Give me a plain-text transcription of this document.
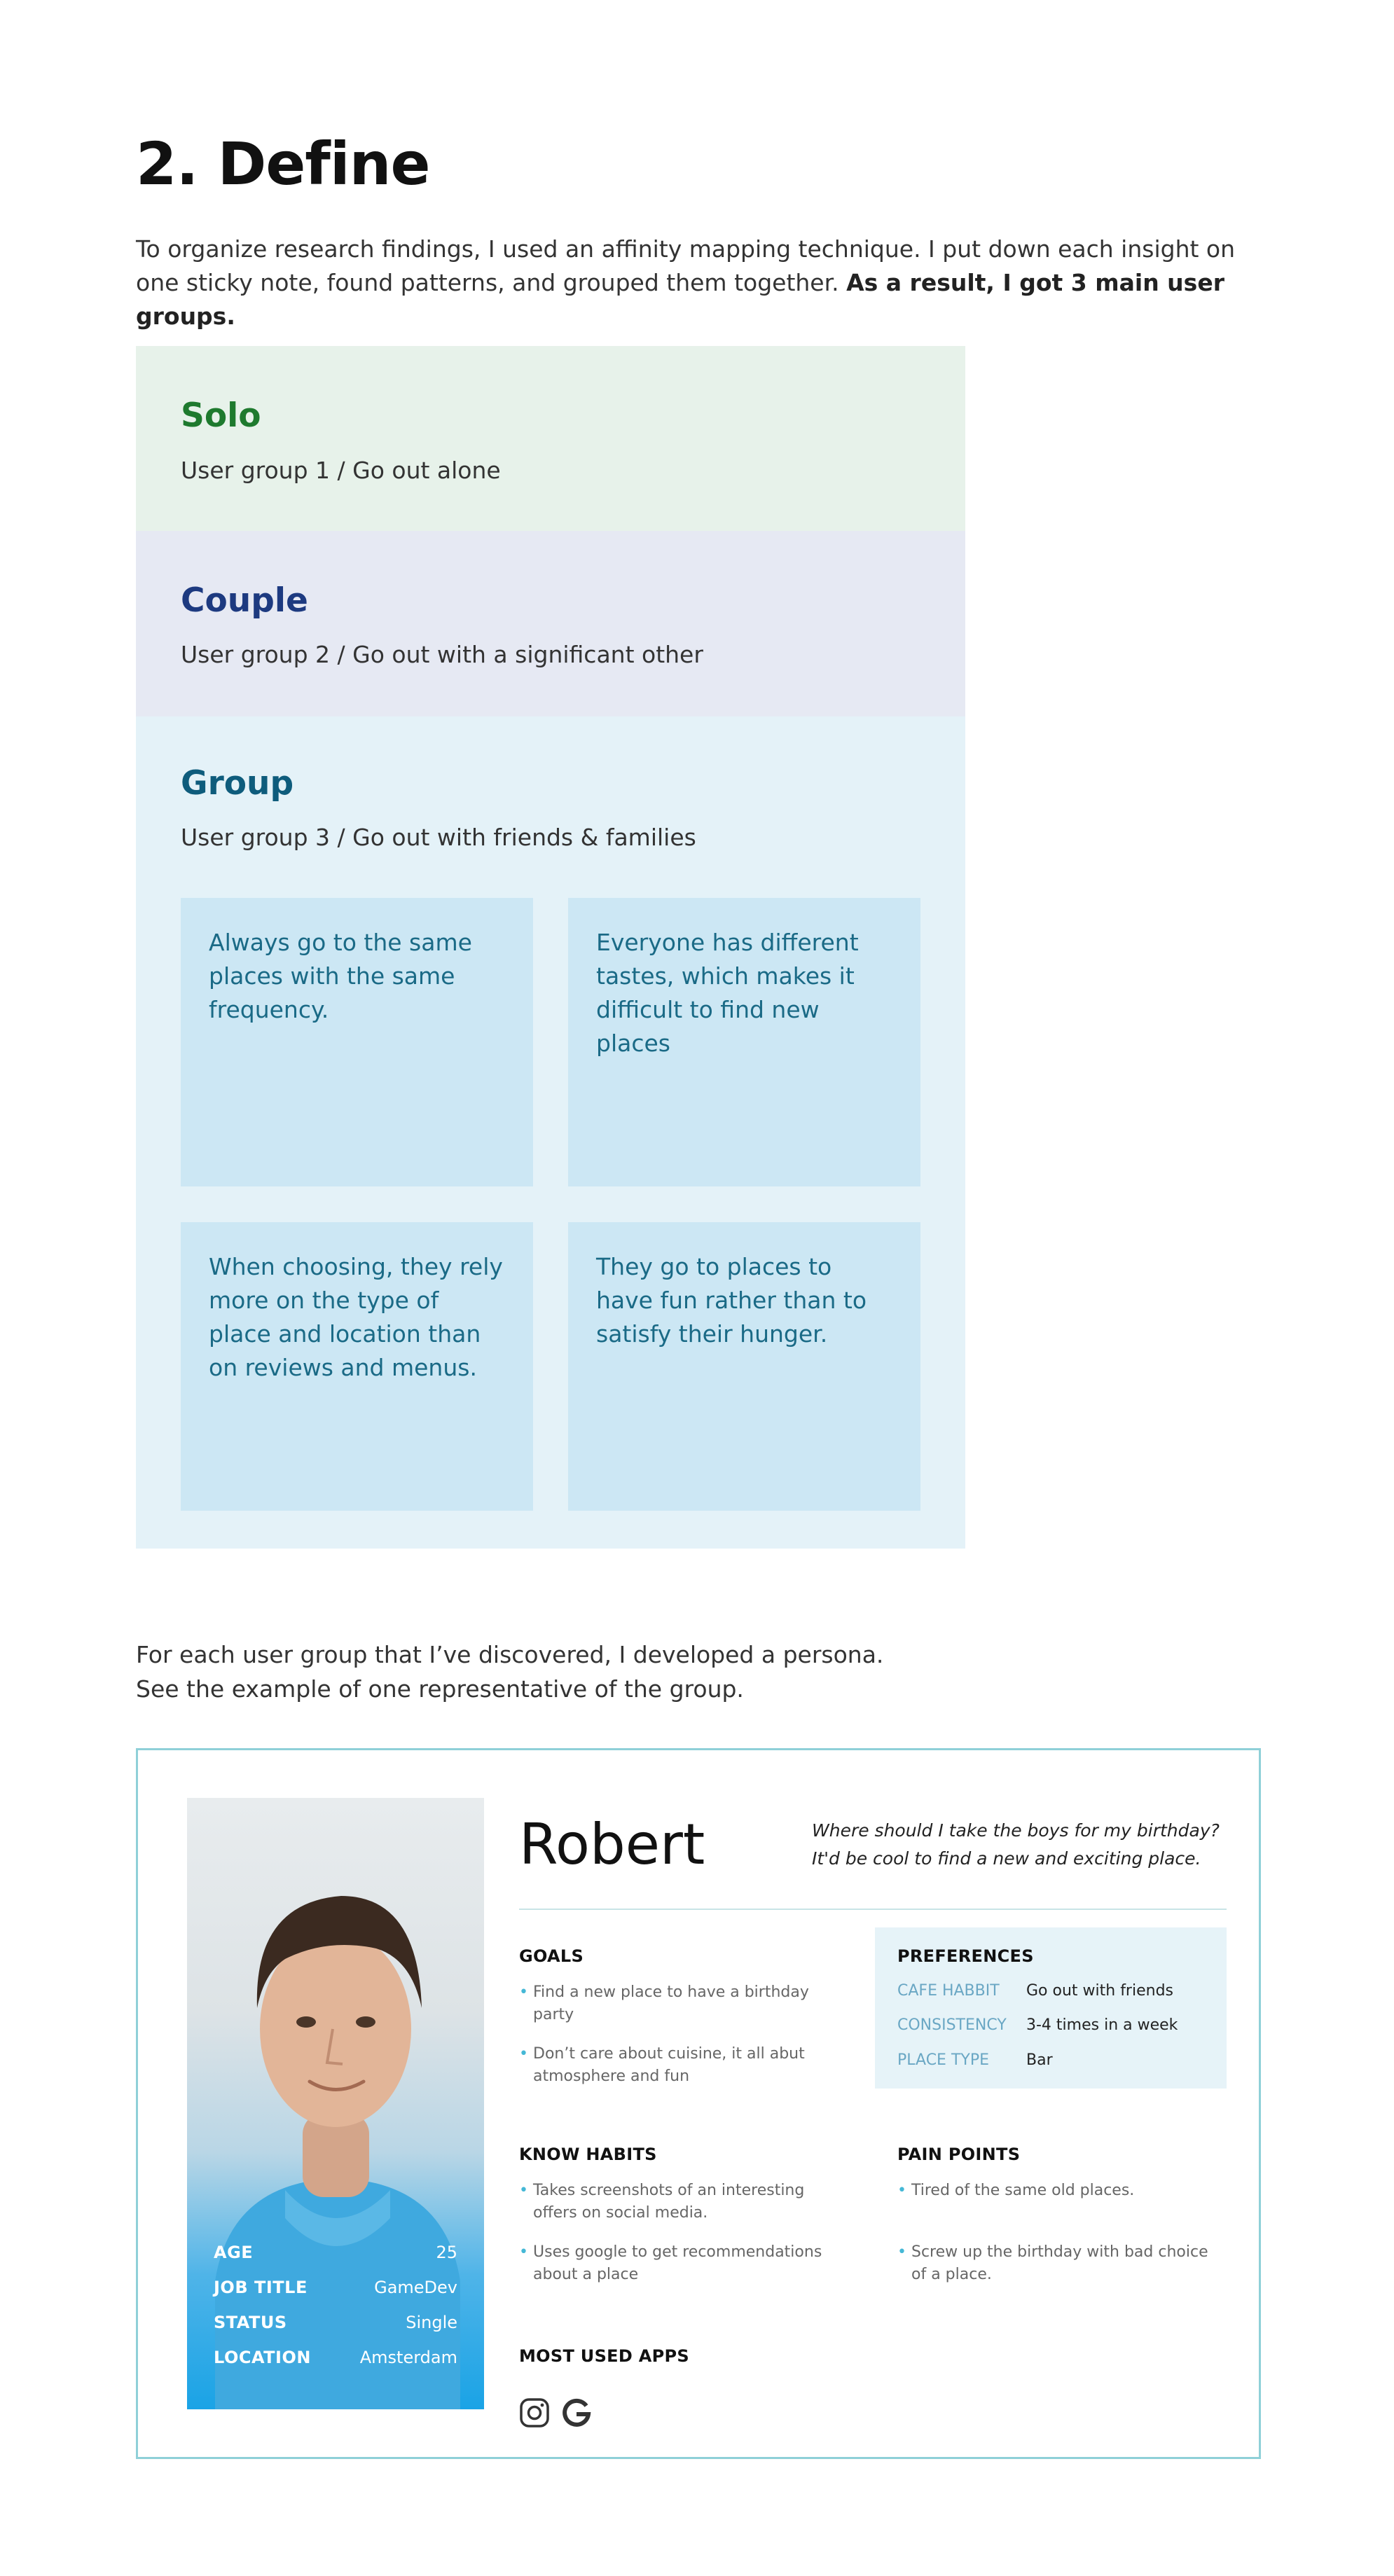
2. Define

To organize research findings, I used an affinity mapping technique. I put down each insight on one sticky note, found patterns, and grouped them together. As a result, I got 3 main user groups.

Solo
User group 1 / Go out alone
Couple
User group 2 / Go out with a significant other
Group
User group 3 / Go out with friends & families
Always go to the same places with the same frequency.
Everyone has different tastes, which makes it difficult to find new places
When choosing, they rely more on the type of place and location than on reviews and menus.
They go to places to have fun rather than to satisfy their hunger.

For each user group that I’ve discovered, I developed a persona.
See the example of one representative of the group.

AGE	25
JOB TITLE	GameDev
STATUS	Single
LOCATION	Amsterdam
Robert	Where should I take the boys for my birthday? It'd be cool to find a new and exciting place.
GOALS
• Find a new place to have a birthday party
• Don’t care about cuisine, it all abut atmosphere and fun
PREFERENCES
CAFE HABBIT	Go out with friends
CONSISTENCY	3-4 times in a week
PLACE TYPE	Bar
KNOW HABITS
• Takes screenshots of an interesting offers on social media.
• Uses google to get recommendations about a place
PAIN POINTS
• Tired of the same old places.
• Screw up the birthday with bad choice of a place.
MOST USED APPS
